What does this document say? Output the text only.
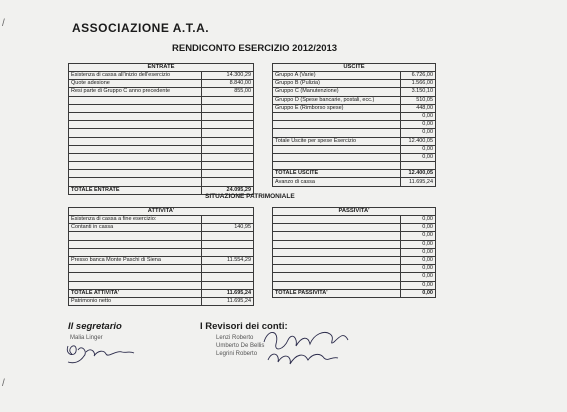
/
/
ASSOCIAZIONE A.T.A.
RENDICONTO ESERCIZIO 2012/2013
ENTRATE	
Esistenza di cassa all'inizio dell'esercizio	14.300,29
Quote adesione	8.840,00
Resi parte di Gruppo C anno precedente	855,00

TOTALE ENTRATE	24.095,29
USCITE	
Gruppo A (Varie)	6.726,00
Gruppo B (Pulizia)	1.566,00
Gruppo C (Manutenzione)	3.150,10
Gruppo D (Spese bancarie, postali, ecc.)	510,05
Gruppo E (Rimborso spese)	448,00
	0,00
	0,00
	0,00
Totale Uscite per spese Esercizio	12.400,05
	0,00
	0,00

TOTALE USCITE	12.400,05
Avanzo di cassa	11.695,24
SITUAZIONE PATRIMONIALE
ATTIVITA'	
Esistenza di cassa a fine esercizio:	
Contanti in cassa	140,95

Presso banca Monte Paschi di Siena	11.554,29

TOTALE ATTIVITA'	11.695,24
Patrimonio netto	11.695,24
PASSIVITA'	
	0,00
	0,00
	0,00
	0,00
	0,00
	0,00
	0,00
	0,00
	0,00
TOTALE PASSIVITA'	0,00
Il segretario
Malia Linger
I Revisori dei conti:
Lenzi Roberto
Umberto De Bellis
Legrini Roberto
